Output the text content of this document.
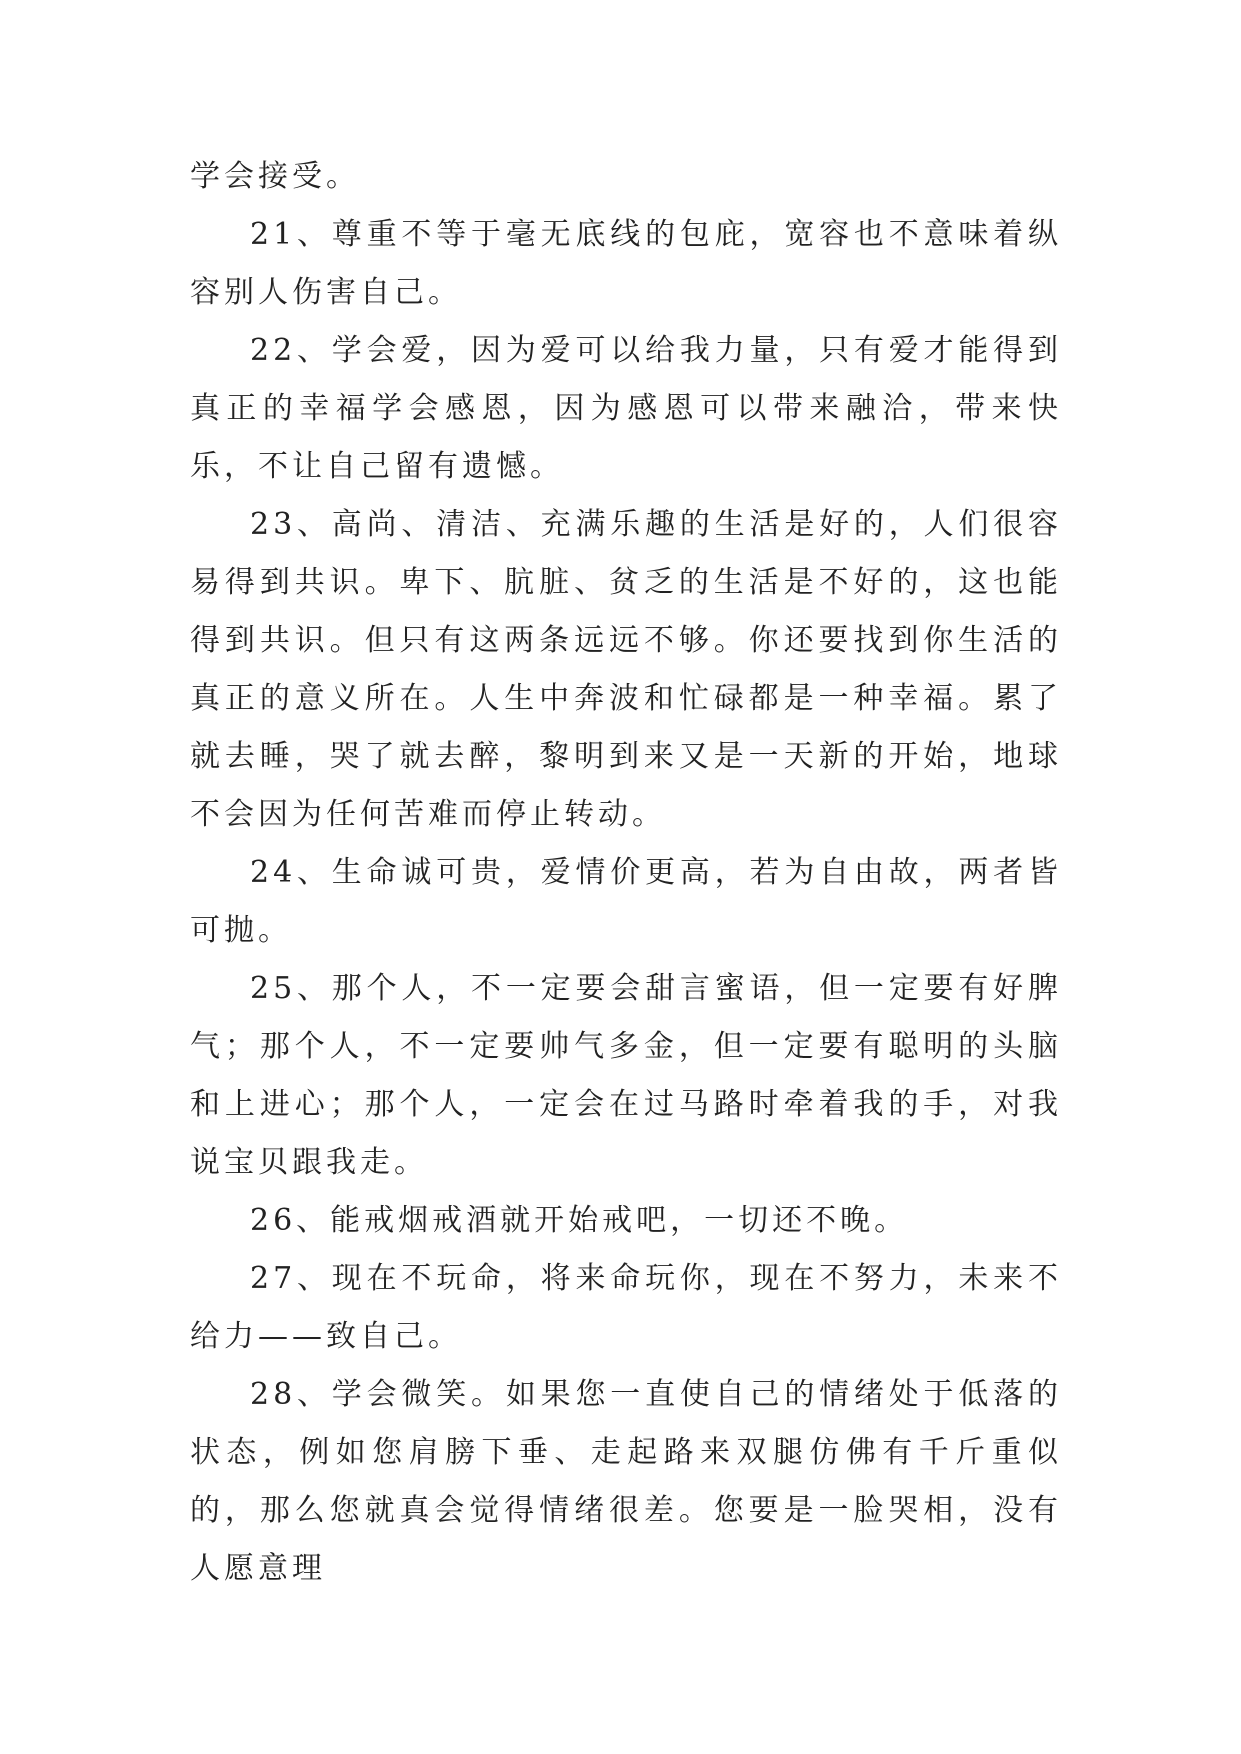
学会接受。

21、尊重不等于毫无底线的包庇，宽容也不意味着纵容别人伤害自己。

22、学会爱，因为爱可以给我力量，只有爱才能得到真正的幸福学会感恩，因为感恩可以带来融洽，带来快乐，不让自己留有遗憾。

23、高尚、清洁、充满乐趣的生活是好的，人们很容易得到共识。卑下、肮脏、贫乏的生活是不好的，这也能得到共识。但只有这两条远远不够。你还要找到你生活的真正的意义所在。人生中奔波和忙碌都是一种幸福。累了就去睡，哭了就去醉，黎明到来又是一天新的开始，地球不会因为任何苦难而停止转动。

24、生命诚可贵，爱情价更高，若为自由故，两者皆可抛。

25、那个人，不一定要会甜言蜜语，但一定要有好脾气；那个人，不一定要帅气多金，但一定要有聪明的头脑和上进心；那个人，一定会在过马路时牵着我的手，对我说宝贝跟我走。

26、能戒烟戒酒就开始戒吧，一切还不晚。

27、现在不玩命，将来命玩你，现在不努力，未来不给力——致自己。

28、学会微笑。如果您一直使自己的情绪处于低落的状态，例如您肩膀下垂、走起路来双腿仿佛有千斤重似的，那么您就真会觉得情绪很差。您要是一脸哭相，没有人愿意理
